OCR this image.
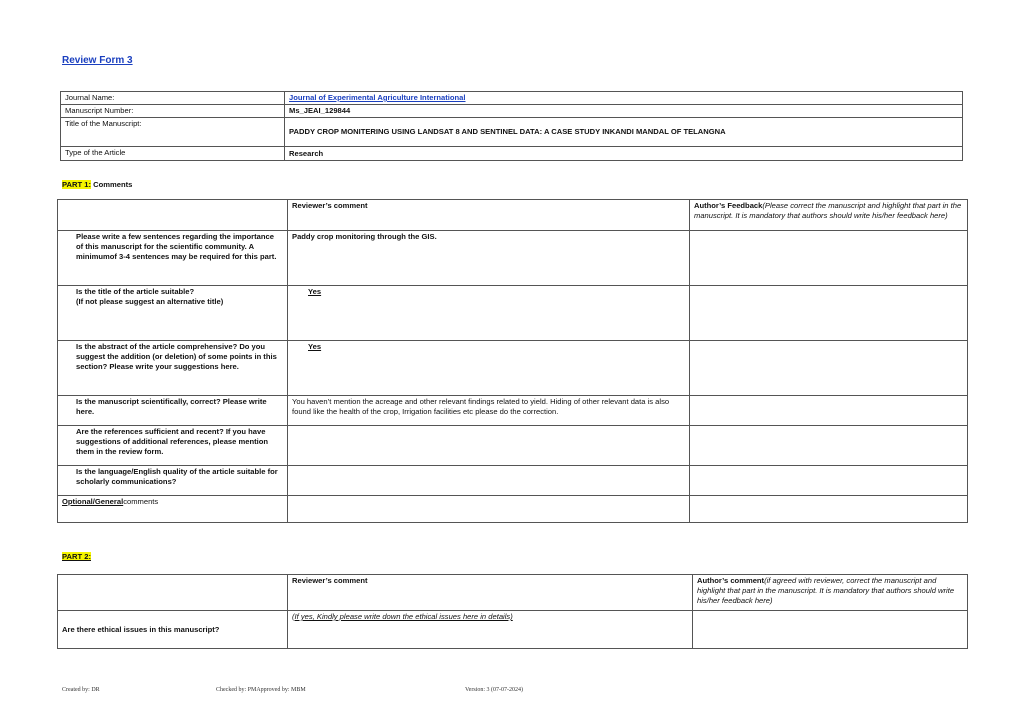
Review Form 3
Journal Name:	Journal of Experimental Agriculture International
Manuscript Number:	Ms_JEAI_129844
Title of the Manuscript:	PADDY CROP MONITERING USING LANDSAT 8 AND SENTINEL DATA: A CASE STUDY INKANDI MANDAL OF TELANGNA
Type of the Article	Research
PART 1: Comments
	Reviewer’s comment	Author’s Feedback(Please correct the manuscript and highlight that part in the manuscript. It is mandatory that authors should write his/her feedback here)
Please write a few sentences regarding the importance of this manuscript for the scientific community. A minimumof 3-4 sentences may be required for this part.	Paddy crop monitoring through the GIS.	
Is the title of the article suitable?
(If not please suggest an alternative title)	Yes	
Is the abstract of the article comprehensive? Do you suggest the addition (or deletion) of some points in this section? Please write your suggestions here.	Yes	
Is the manuscript scientifically, correct? Please write here.	You haven’t mention the acreage and other relevant findings related to yield. Hiding of other relevant data is also found like the health of the crop, Irrigation facilities etc please do the correction.	
Are the references sufficient and recent? If you have suggestions of additional references, please mention them in the review form.		
Is the language/English quality of the article suitable for scholarly communications?		
Optional/Generalcomments		
PART 2:
	Reviewer’s comment	Author’s comment(if agreed with reviewer, correct the manuscript and highlight that part in the manuscript. It is mandatory that authors should write his/her feedback here)
Are there ethical issues in this manuscript?	(If yes, Kindly please write down the ethical issues here in details)	
Created by: DR	Checked by: PMApproved by: MBM	Version: 3 (07-07-2024)
